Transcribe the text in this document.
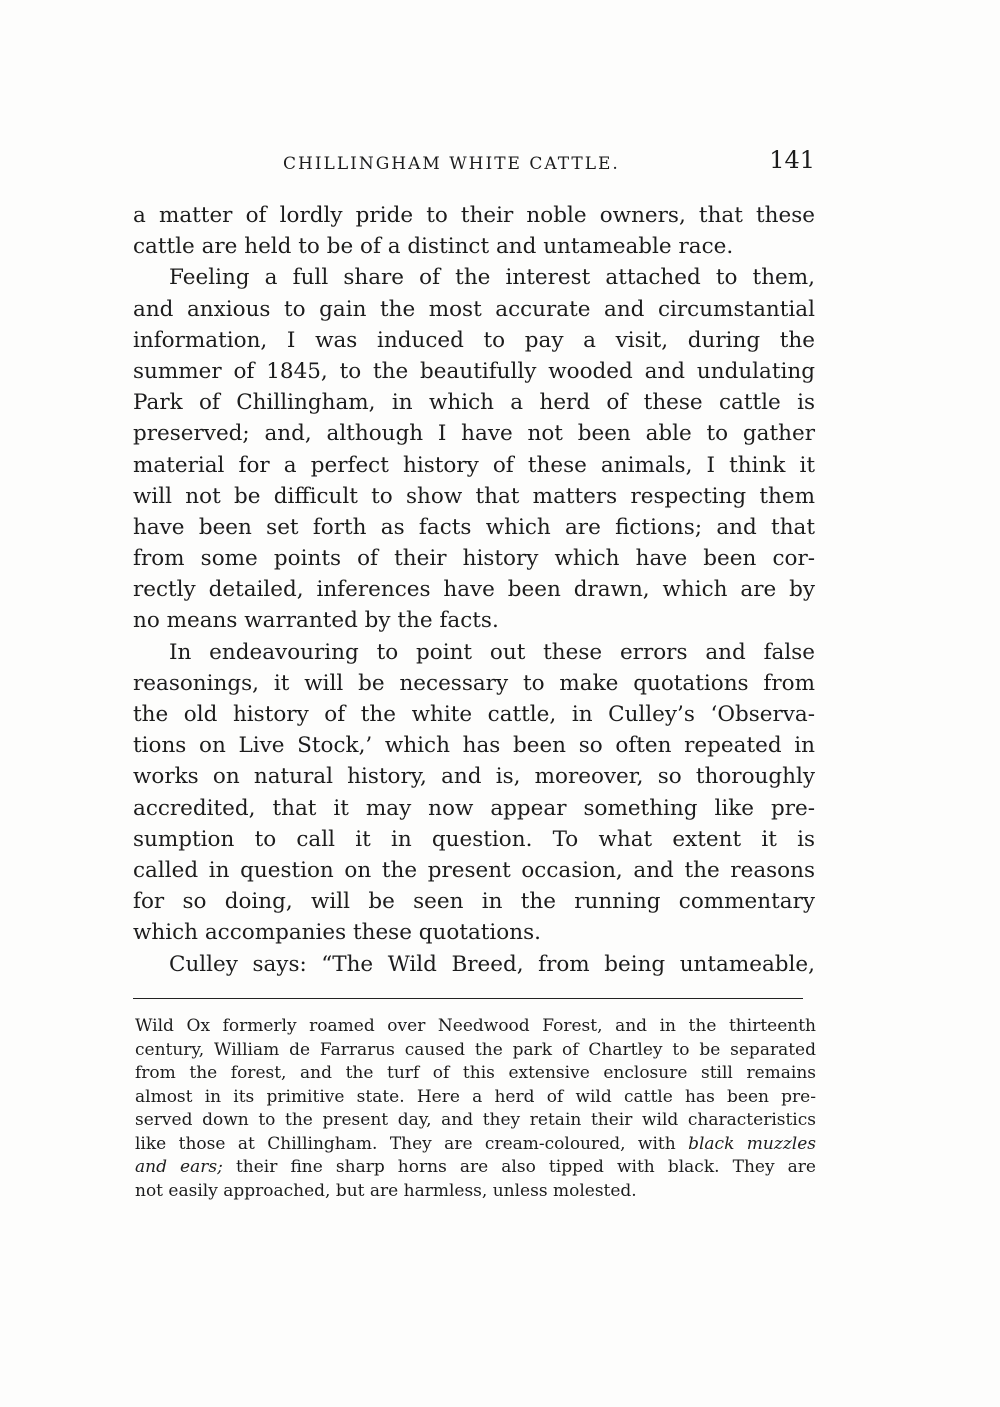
CHILLINGHAM WHITE CATTLE.	141
a matter of lordly pride to their noble owners, that these
cattle are held to be of a distinct and untameable race.
Feeling a full share of the interest attached to them,
and anxious to gain the most accurate and circumstantial
information, I was induced to pay a visit, during the
summer of 1845, to the beautifully wooded and undulating
Park of Chillingham, in which a herd of these cattle is
preserved; and, although I have not been able to gather
material for a perfect history of these animals, I think it
will not be difficult to show that matters respecting them
have been set forth as facts which are fictions; and that
from some points of their history which have been cor-
rectly detailed, inferences have been drawn, which are by
no means warranted by the facts.
In endeavouring to point out these errors and false
reasonings, it will be necessary to make quotations from
the old history of the white cattle, in Culley’s ‘Observa-
tions on Live Stock,’ which has been so often repeated in
works on natural history, and is, moreover, so thoroughly
accredited, that it may now appear something like pre-
sumption to call it in question. To what extent it is
called in question on the present occasion, and the reasons
for so doing, will be seen in the running commentary
which accompanies these quotations.
Culley says: “The Wild Breed, from being untameable,
Wild Ox formerly roamed over Needwood Forest, and in the thirteenth
century, William de Farrarus caused the park of Chartley to be separated
from the forest, and the turf of this extensive enclosure still remains
almost in its primitive state. Here a herd of wild cattle has been pre-
served down to the present day, and they retain their wild characteristics
like those at Chillingham. They are cream-coloured, with black muzzles
and ears; their fine sharp horns are also tipped with black. They are
not easily approached, but are harmless, unless molested.
